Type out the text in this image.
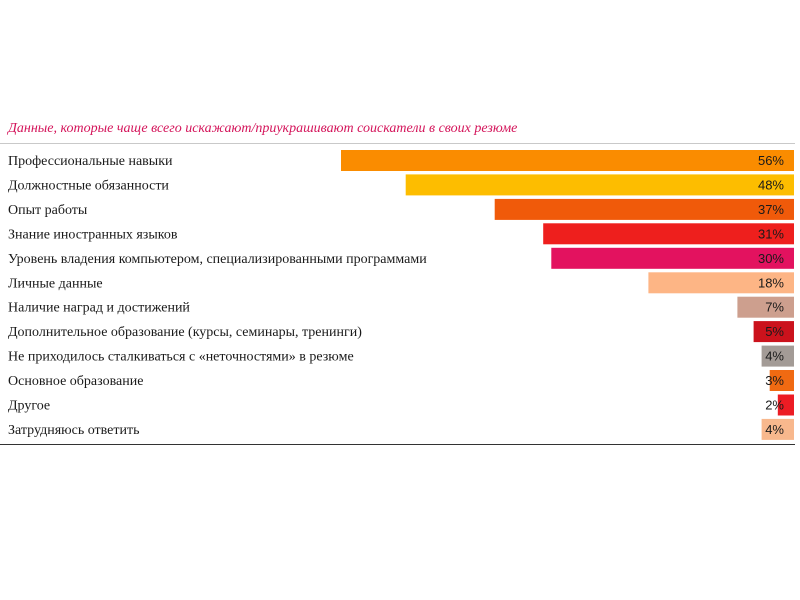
Данные, которые чаще всего искажают/приукрашивают соискатели в своих резюме
Профессиональные навыки	56%
Должностные обязанности	48%
Опыт работы	37%
Знание иностранных языков	31%
Уровень владения компьютером, специализированными программами	30%
Личные данные	18%
Наличие наград и достижений	7%
Дополнительное образование (курсы, семинары, тренинги)	5%
Не приходилось сталкиваться с «неточностями» в резюме	4%
Основное образование	3%
Другое	2%
Затрудняюсь ответить	4%
